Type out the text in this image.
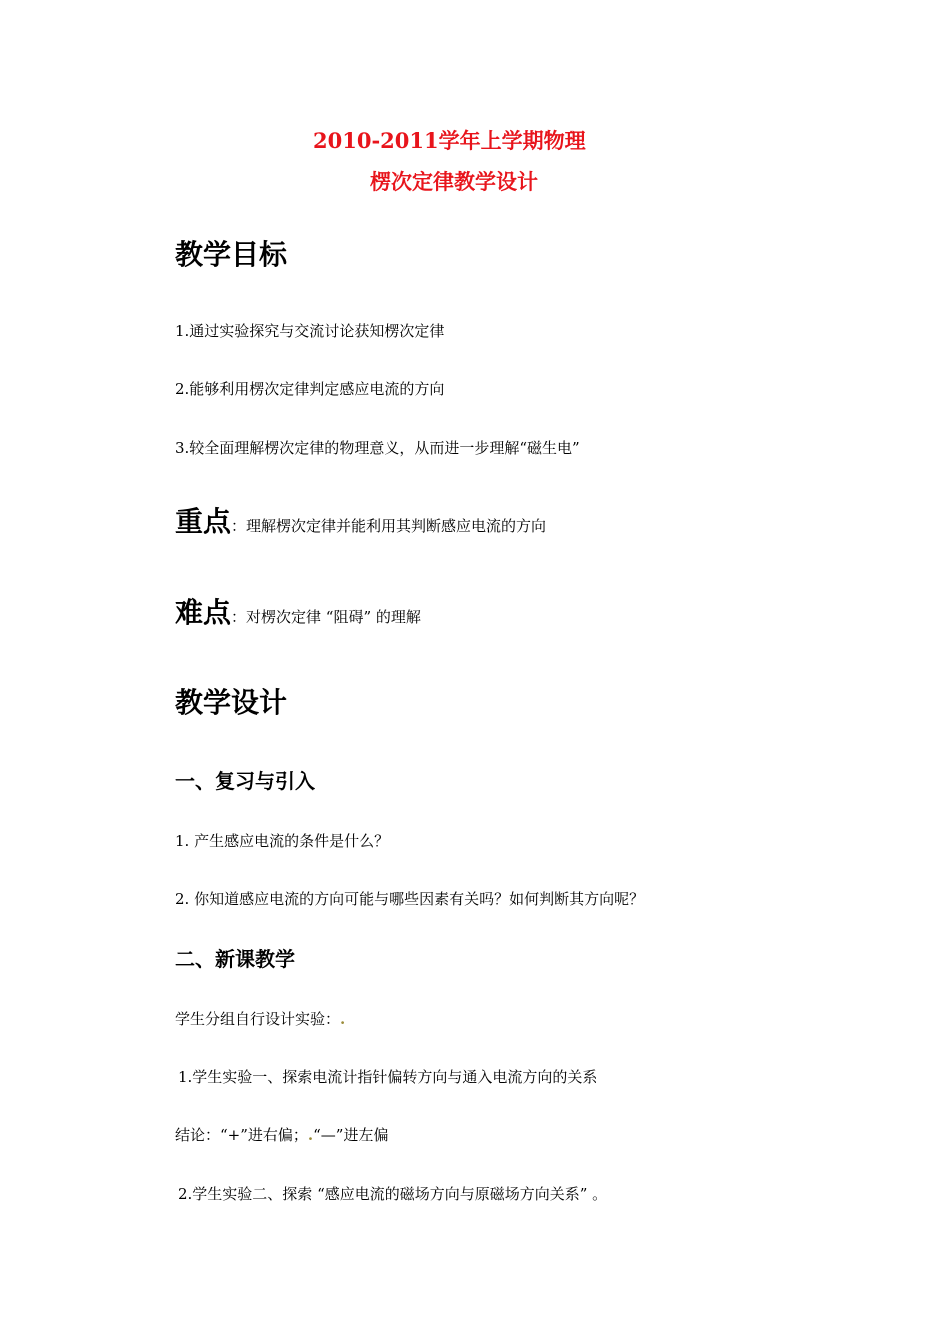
2010-2011学年上学期物理
楞次定律教学设计
教学目标
1.通过实验探究与交流讨论获知楞次定律
2.能够利用楞次定律判定感应电流的方向
3.较全面理解楞次定律的物理意义，从而进一步理解“磁生电”
重点：理解楞次定律并能利用其判断感应电流的方向
难点：对楞次定律 “阻碍” 的理解
教学设计
一、复习与引入
1. 产生感应电流的条件是什么？
2. 你知道感应电流的方向可能与哪些因素有关吗？如何判断其方向呢？
二、新课教学
学生分组自行设计实验：.
1.学生实验一、探索电流计指针偏转方向与通入电流方向的关系
结论：“+”进右偏；.“—”进左偏
2.学生实验二、探索 “感应电流的磁场方向与原磁场方向关系” 。
